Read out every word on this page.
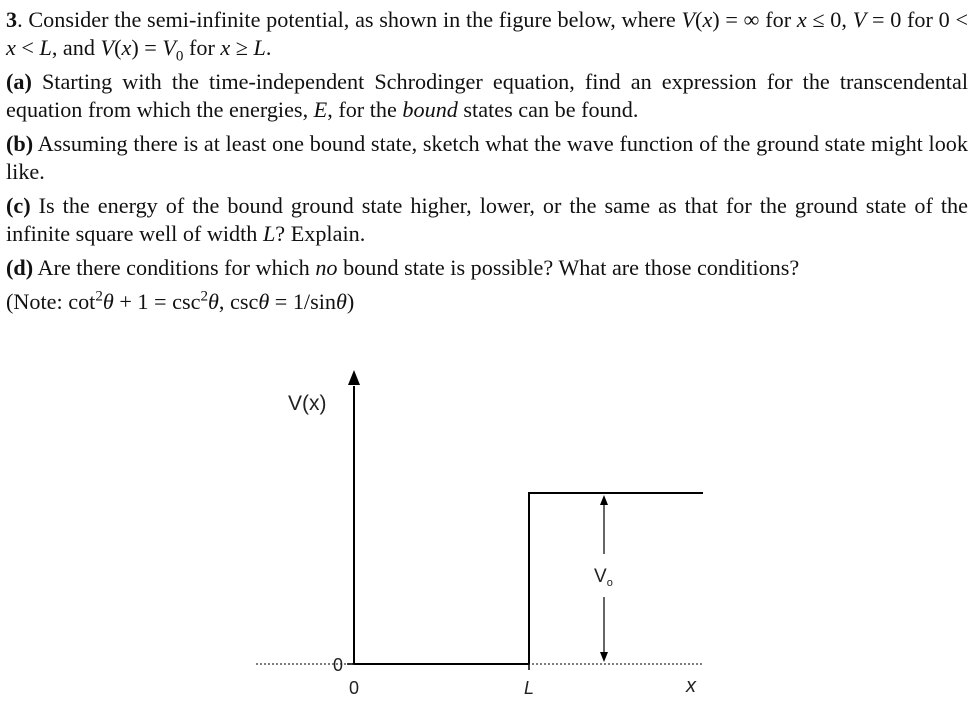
3. Consider the semi-infinite potential, as shown in the figure below, where V(x) = ∞ for x ≤ 0, V = 0 for 0 < x < L, and $V(x) = V_0$ for x ≥ L.

(a) Starting with the time-independent Schrodinger equation, find an expression for the transcendental equation from which the energies, E, for the bound states can be found.

(b) Assuming there is at least one bound state, sketch what the wave function of the ground state might look like.

(c) Is the energy of the bound ground state higher, lower, or the same as that for the ground state of the infinite square well of width L? Explain.

(d) Are there conditions for which no bound state is possible? What are those conditions?

(Note: $\cot^2\theta + 1 = \csc^2\theta$, cscθ = 1/sinθ)

V(x)
0
0	L	x
$V_o$
